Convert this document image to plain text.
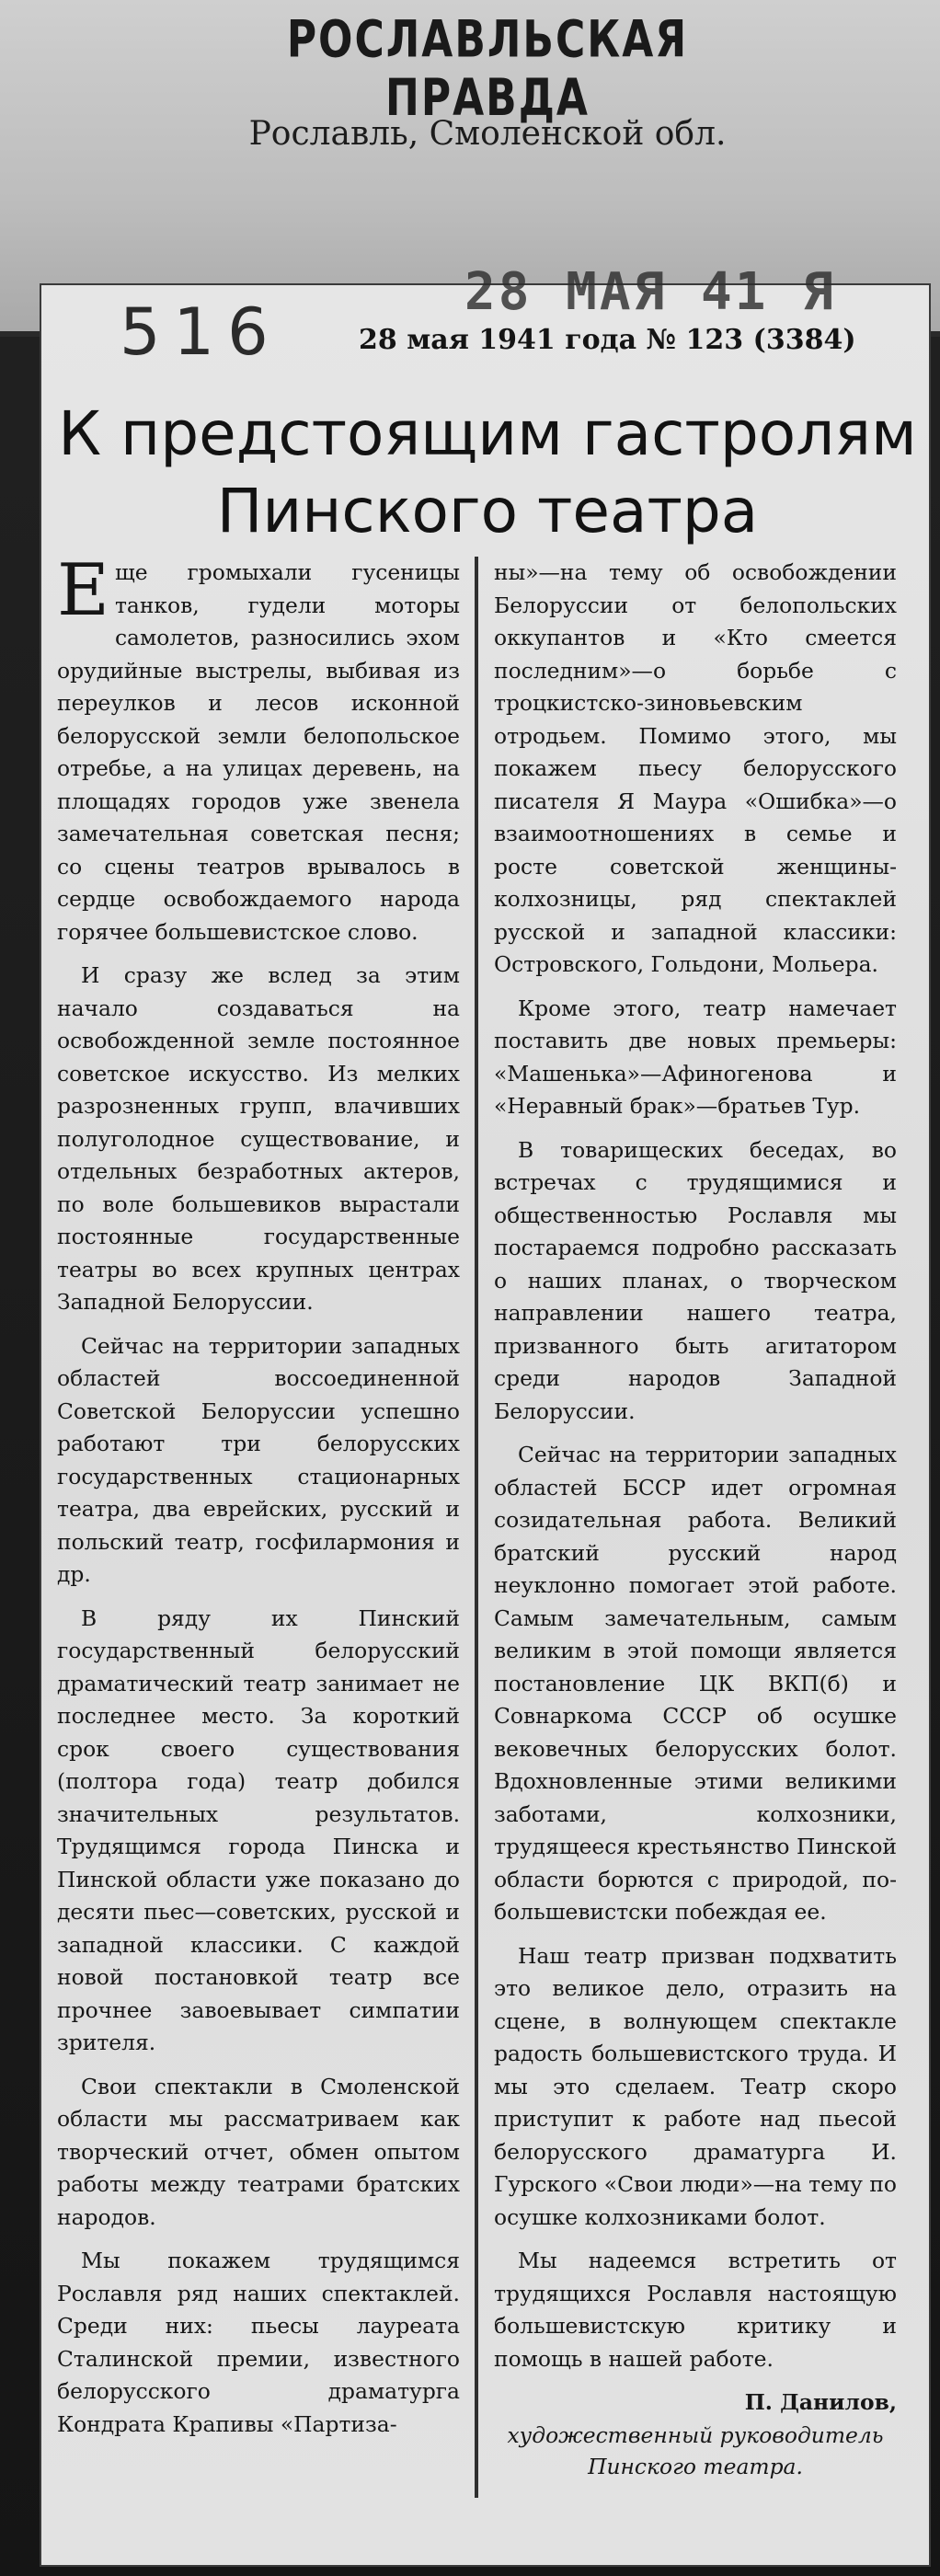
РОСЛАВЛЬСКАЯ ПРАВДА
Рославль, Смоленской обл.
516
28 МАЯ 41 Я
28 мая 1941 года № 123 (3384)
К предстоящим гастролям
Пинского театра

Еще громыхали гусеницы танков, гудели моторы самолетов, разносились эхом орудийные выстрелы, выбивая из переулков и лесов исконной белорусской земли белопольское отребье, а на улицах деревень, на площадях городов уже звенела замечательная советская песня; со сцены театров врывалось в сердце освобождаемого народа горячее большевистское слово.

И сразу же вслед за этим начало создаваться на освобожденной земле постоянное советское искусство. Из мелких разрозненных групп, влачивших полуголодное существование, и отдельных безработных актеров, по воле большевиков вырастали постоянные государственные театры во всех крупных центрах Западной Белоруссии.

Сейчас на территории западных областей воссоединенной Советской Белоруссии успешно работают три белорусских государственных стационарных театра, два еврейских, русский и польский театр, госфилармония и др.

В ряду их Пинский государственный белорусский драматический театр занимает не последнее место. За короткий срок своего существования (полтора года) театр добился значительных результатов. Трудящимся города Пинска и Пинской области уже показано до десяти пьес—советских, русской и западной классики. С каждой новой постановкой театр все прочнее завоевывает симпатии зрителя.

Свои спектакли в Смоленской области мы рассматриваем как творческий отчет, обмен опытом работы между театрами братских народов.

Мы покажем трудящимся Рославля ряд наших спектаклей. Среди них: пьесы лауреата Сталинской премии, известного белорусского драматурга Кондрата Крапивы «Партиза-

ны»—на тему об освобождении Белоруссии от белопольских оккупантов и «Кто смеется последним»—о борьбе с троцкистско-зиновьевским отродьем. Помимо этого, мы покажем пьесу белорусского писателя Я Маура «Ошибка»—о взаимоотношениях в семье и росте советской женщины-колхозницы, ряд спектаклей русской и западной классики: Островского, Гольдони, Мольера.

Кроме этого, театр намечает поставить две новых премьеры: «Машенька»—Афиногенова и «Неравный брак»—братьев Тур.

В товарищеских беседах, во встречах с трудящимися и общественностью Рославля мы постараемся подробно рассказать о наших планах, о творческом направлении нашего театра, призванного быть агитатором среди народов Западной Белоруссии.

Сейчас на территории западных областей БССР идет огромная созидательная работа. Великий братский русский народ неуклонно помогает этой работе. Самым замечательным, самым великим в этой помощи является постановление ЦК ВКП(б) и Совнаркома СССР об осушке вековечных белорусских болот. Вдохновленные этими великими заботами, колхозники, трудящееся крестьянство Пинской области борются с природой, по-большевистски побеждая ее.

Наш театр призван подхватить это великое дело, отразить на сцене, в волнующем спектакле радость большевистского труда. И мы это сделаем. Театр скоро приступит к работе над пьесой белорусского драматурга И. Гурского «Свои люди»—на тему по осушке колхозниками болот.

Мы надеемся встретить от трудящихся Рославля настоящую большевистскую критику и помощь в нашей работе.

П. Данилов,
художественный руководитель Пинского театра.
